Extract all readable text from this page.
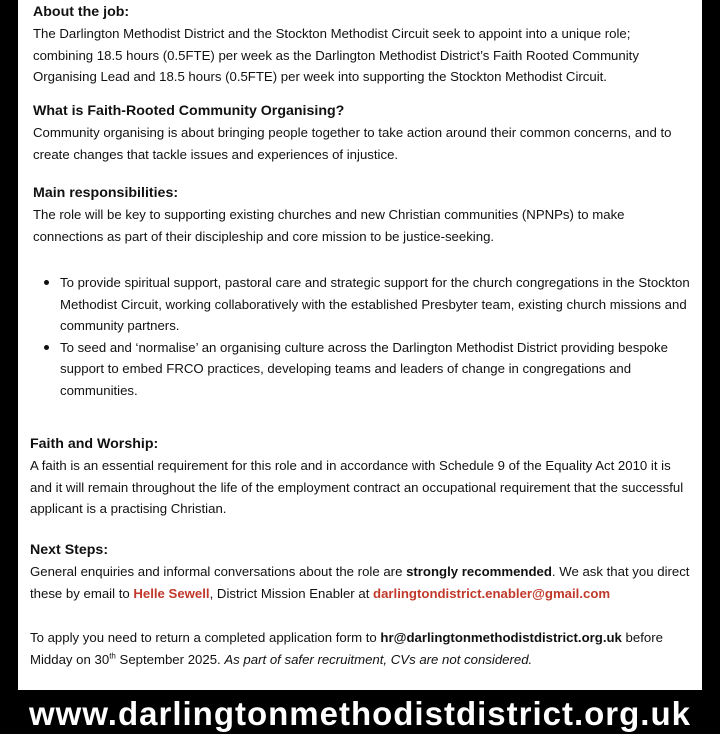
About the job:

The Darlington Methodist District and the Stockton Methodist Circuit seek to appoint into a unique role; combining 18.5 hours (0.5FTE) per week as the Darlington Methodist District’s Faith Rooted Community Organising Lead and 18.5 hours (0.5FTE) per week into supporting the Stockton Methodist Circuit.

What is Faith-Rooted Community Organising?

Community organising is about bringing people together to take action around their common concerns, and to create changes that tackle issues and experiences of injustice.

Main responsibilities:

The role will be key to supporting existing churches and new Christian communities (NPNPs) to make connections as part of their discipleship and core mission to be justice-seeking.

To provide spiritual support, pastoral care and strategic support for the church congregations in the Stockton Methodist Circuit, working collaboratively with the established Presbyter team, existing church missions and community partners.
To seed and ‘normalise’ an organising culture across the Darlington Methodist District providing bespoke support to embed FRCO practices, developing teams and leaders of change in congregations and communities.
Faith and Worship:

A faith is an essential requirement for this role and in accordance with Schedule 9 of the Equality Act 2010 it is and it will remain throughout the life of the employment contract an occupational requirement that the successful applicant is a practising Christian.

Next Steps:

General enquiries and informal conversations about the role are strongly recommended. We ask that you direct these by email to Helle Sewell, District Mission Enabler at darlingtondistrict.enabler@gmail.com

To apply you need to return a completed application form to hr@darlingtonmethodistdistrict.org.uk before Midday on 30th September 2025. As part of safer recruitment, CVs are not considered.

www.darlingtonmethodistdistrict.org.uk
